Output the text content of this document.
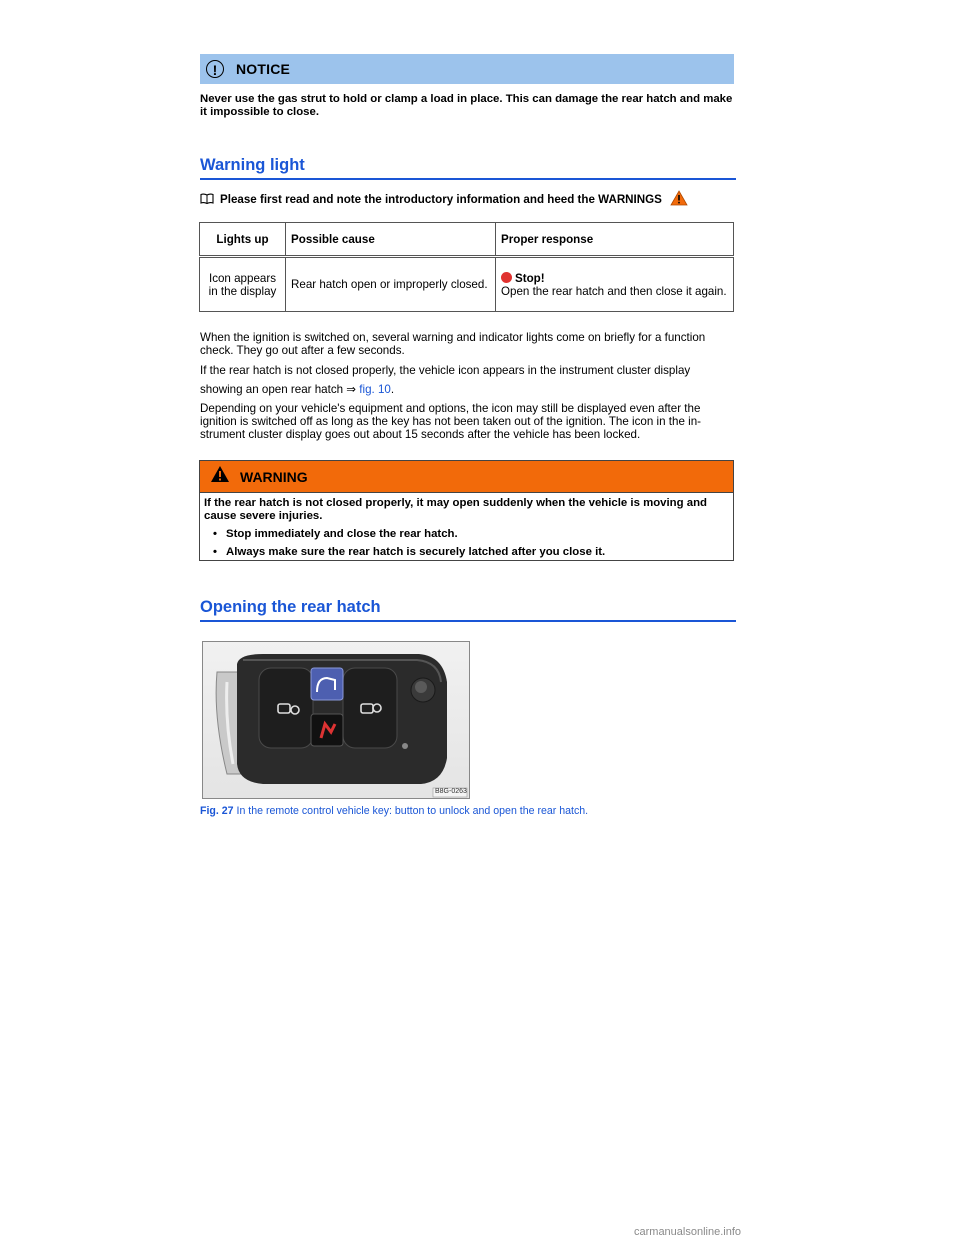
!	NOTICE
Never use the gas strut to hold or clamp a load in place. This can damage the rear hatch and make it impossible to close.
Warning light
Please first read and note the introductory information and heed the WARNINGS
Lights up	Possible cause	Proper response
Icon appears in the display	Rear hatch open or improperly closed.	Stop!
Open the rear hatch and then close it again.
When the ignition is switched on, several warning and indicator lights come on briefly for a function check. They go out after a few seconds.
If the rear hatch is not closed properly, the vehicle icon appears in the instrument cluster display
showing an open rear hatch ⇒ fig. 10.
Depending on your vehicle's equipment and options, the icon may still be displayed even after the ignition is switched off as long as the key has not been taken out of the ignition. The icon in the in-strument cluster display goes out about 15 seconds after the vehicle has been locked.
WARNING
If the rear hatch is not closed properly, it may open suddenly when the vehicle is moving and cause severe injuries.
• Stop immediately and close the rear hatch.
• Always make sure the rear hatch is securely latched after you close it.
Opening the rear hatch
B8G-0263
Fig. 27 In the remote control vehicle key: button to unlock and open the rear hatch.
carmanualsonline.info
